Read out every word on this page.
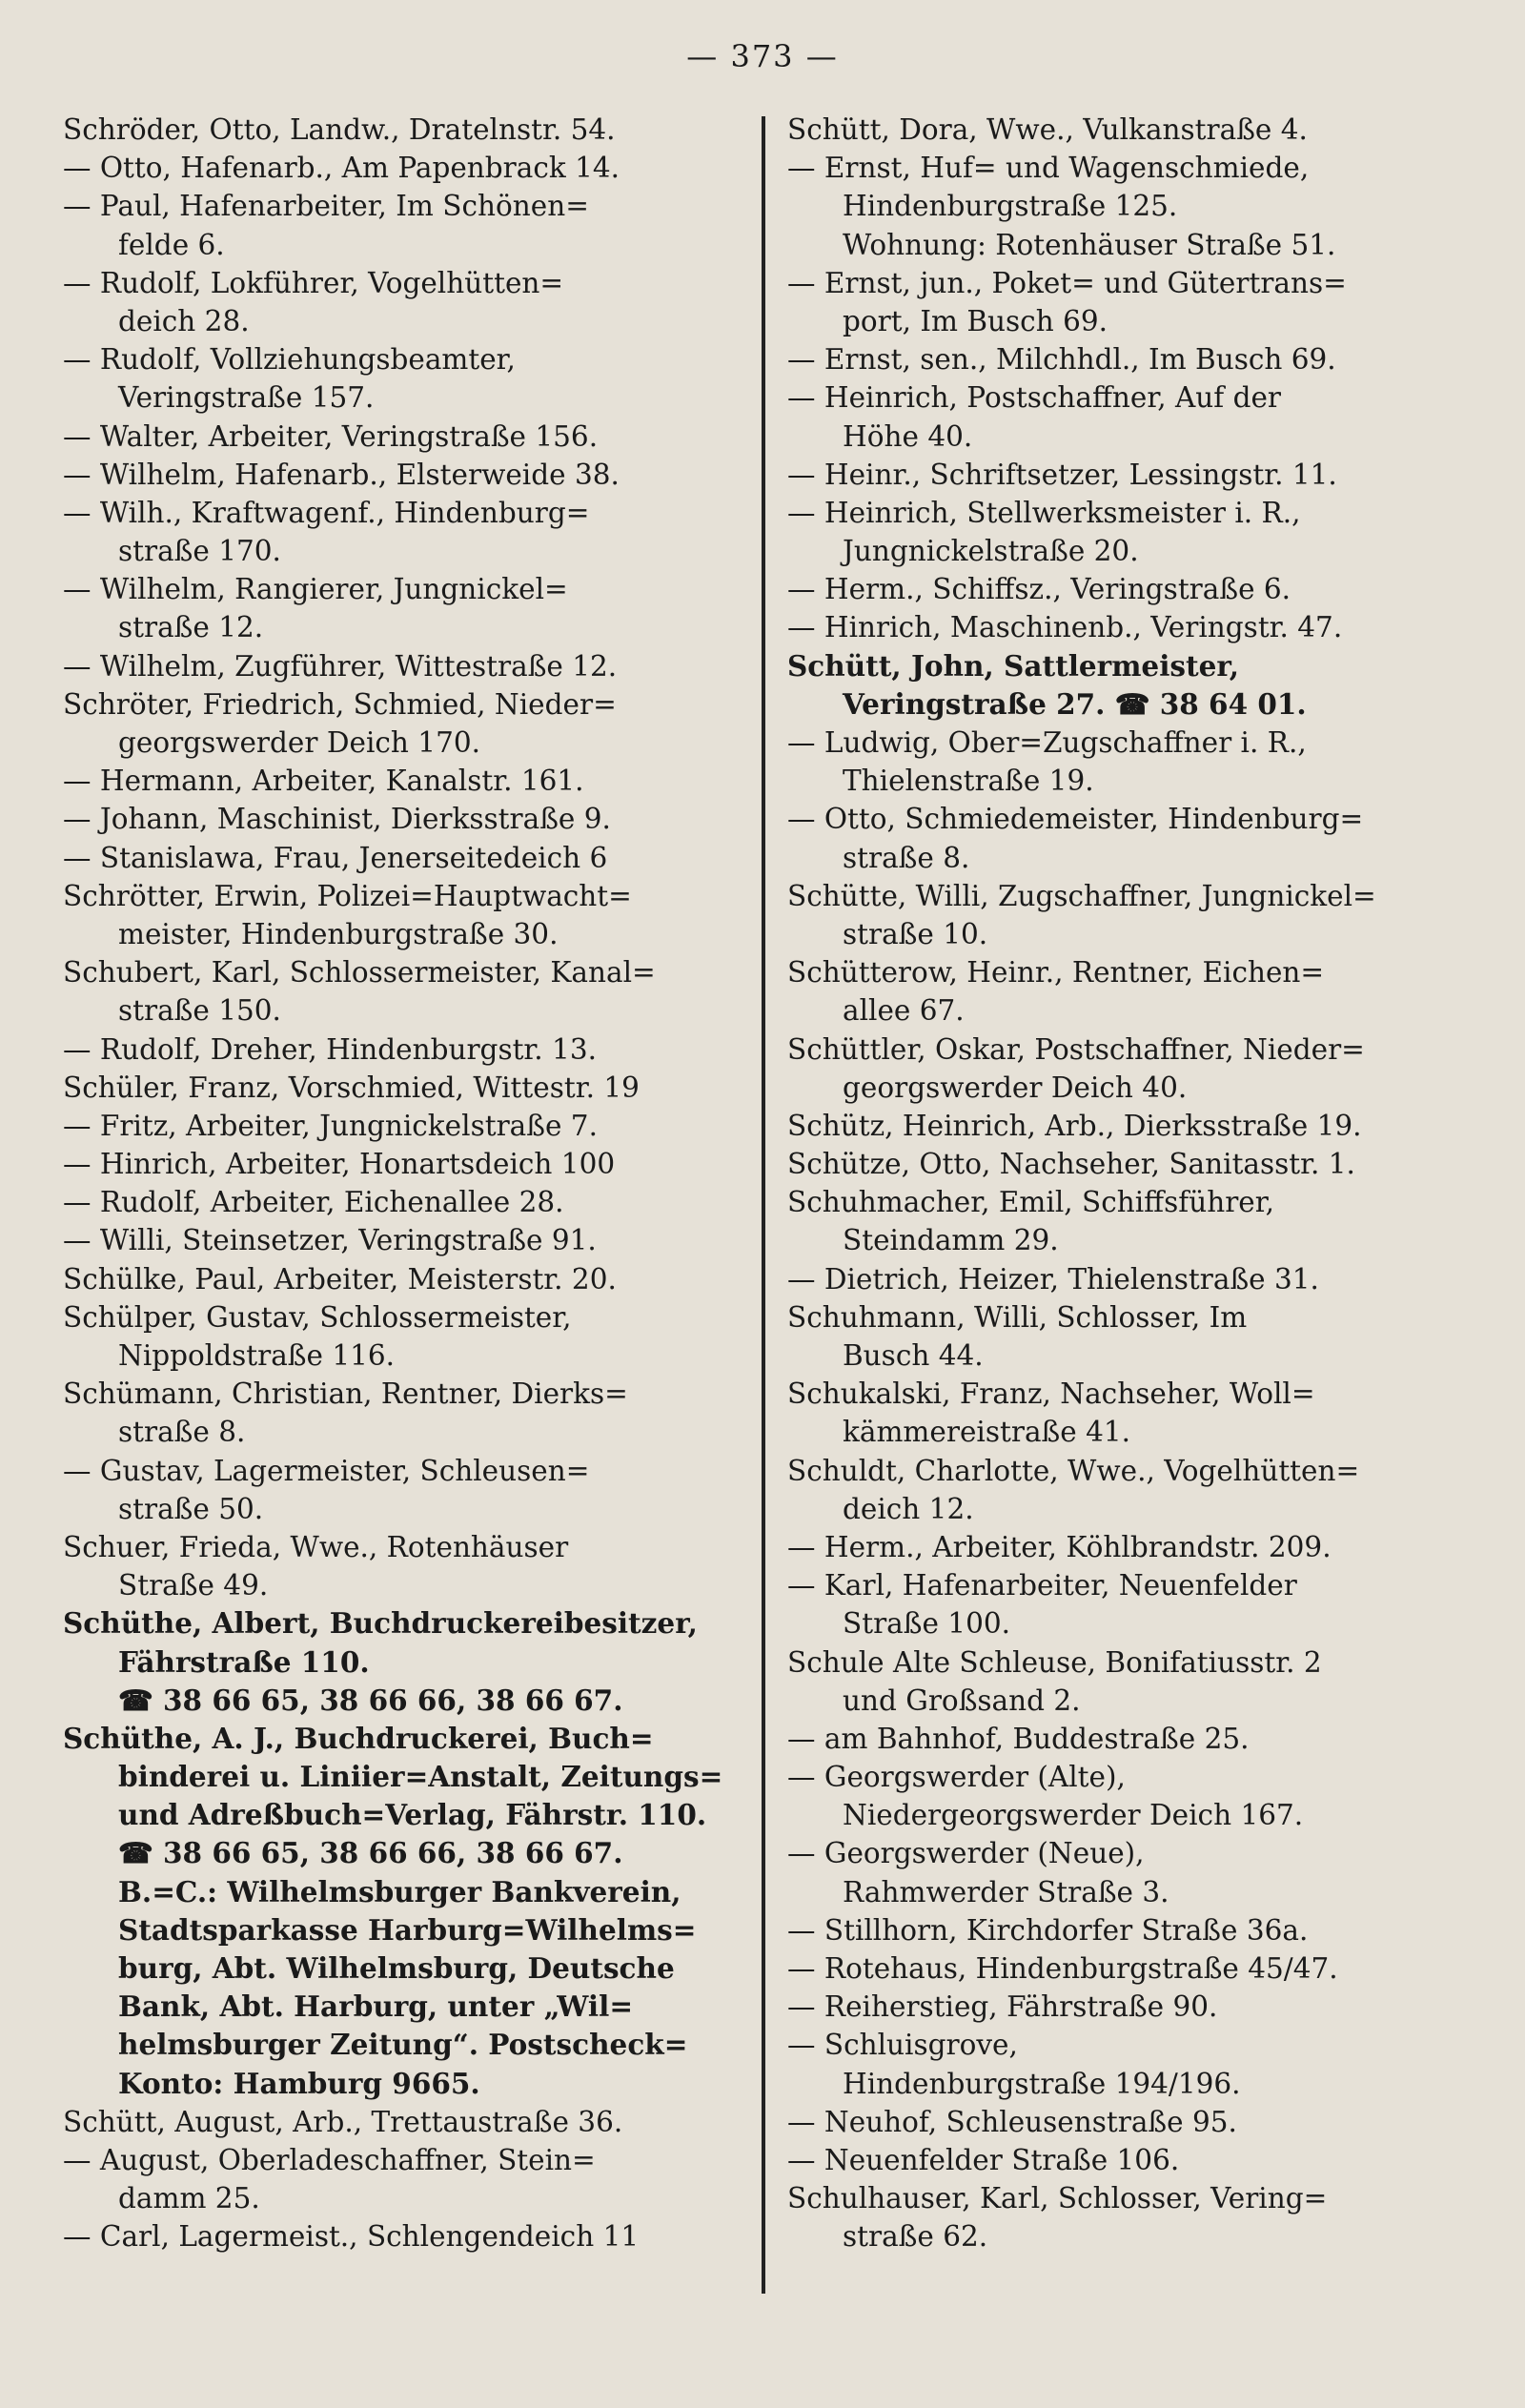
— 373 —
Schröder, Otto, Landw., Dratelnstr. 54.
— Otto, Hafenarb., Am Papenbrack 14.
— Paul, Hafenarbeiter, Im Schönen=
felde 6.
— Rudolf, Lokführer, Vogelhütten=
deich 28.
— Rudolf, Vollziehungsbeamter,
Veringstraße 157.
— Walter, Arbeiter, Veringstraße 156.
— Wilhelm, Hafenarb., Elsterweide 38.
— Wilh., Kraftwagenf., Hindenburg=
straße 170.
— Wilhelm, Rangierer, Jungnickel=
straße 12.
— Wilhelm, Zugführer, Wittestraße 12.
Schröter, Friedrich, Schmied, Nieder=
georgswerder Deich 170.
— Hermann, Arbeiter, Kanalstr. 161.
— Johann, Maschinist, Dierksstraße 9.
— Stanislawa, Frau, Jenerseitedeich 6
Schrötter, Erwin, Polizei=Hauptwacht=
meister, Hindenburgstraße 30.
Schubert, Karl, Schlossermeister, Kanal=
straße 150.
— Rudolf, Dreher, Hindenburgstr. 13.
Schüler, Franz, Vorschmied, Wittestr. 19
— Fritz, Arbeiter, Jungnickelstraße 7.
— Hinrich, Arbeiter, Honartsdeich 100
— Rudolf, Arbeiter, Eichenallee 28.
— Willi, Steinsetzer, Veringstraße 91.
Schülke, Paul, Arbeiter, Meisterstr. 20.
Schülper, Gustav, Schlossermeister,
Nippoldstraße 116.
Schümann, Christian, Rentner, Dierks=
straße 8.
— Gustav, Lagermeister, Schleusen=
straße 50.
Schuer, Frieda, Wwe., Rotenhäuser
Straße 49.
Schüthe, Albert, Buchdruckereibesitzer,
Fährstraße 110.
☎ 38 66 65, 38 66 66, 38 66 67.
Schüthe, A. J., Buchdruckerei, Buch=
binderei u. Liniier=Anstalt, Zeitungs=
und Adreßbuch=Verlag, Fährstr. 110.
☎ 38 66 65, 38 66 66, 38 66 67.
B.=C.: Wilhelmsburger Bankverein,
Stadtsparkasse Harburg=Wilhelms=
burg, Abt. Wilhelmsburg, Deutsche
Bank, Abt. Harburg, unter „Wil=
helmsburger Zeitung“. Postscheck=
Konto: Hamburg 9665.
Schütt, August, Arb., Trettaustraße 36.
— August, Oberladeschaffner, Stein=
damm 25.
— Carl, Lagermeist., Schlengendeich 11
Schütt, Dora, Wwe., Vulkanstraße 4.
— Ernst, Huf= und Wagenschmiede,
Hindenburgstraße 125.
Wohnung: Rotenhäuser Straße 51.
— Ernst, jun., Poket= und Gütertrans=
port, Im Busch 69.
— Ernst, sen., Milchhdl., Im Busch 69.
— Heinrich, Postschaffner, Auf der
Höhe 40.
— Heinr., Schriftsetzer, Lessingstr. 11.
— Heinrich, Stellwerksmeister i. R.,
Jungnickelstraße 20.
— Herm., Schiffsz., Veringstraße 6.
— Hinrich, Maschinenb., Veringstr. 47.
Schütt, John, Sattlermeister,
Veringstraße 27. ☎ 38 64 01.
— Ludwig, Ober=Zugschaffner i. R.,
Thielenstraße 19.
— Otto, Schmiedemeister, Hindenburg=
straße 8.
Schütte, Willi, Zugschaffner, Jungnickel=
straße 10.
Schütterow, Heinr., Rentner, Eichen=
allee 67.
Schüttler, Oskar, Postschaffner, Nieder=
georgswerder Deich 40.
Schütz, Heinrich, Arb., Dierksstraße 19.
Schütze, Otto, Nachseher, Sanitasstr. 1.
Schuhmacher, Emil, Schiffsführer,
Steindamm 29.
— Dietrich, Heizer, Thielenstraße 31.
Schuhmann, Willi, Schlosser, Im
Busch 44.
Schukalski, Franz, Nachseher, Woll=
kämmereistraße 41.
Schuldt, Charlotte, Wwe., Vogelhütten=
deich 12.
— Herm., Arbeiter, Köhlbrandstr. 209.
— Karl, Hafenarbeiter, Neuenfelder
Straße 100.
Schule Alte Schleuse, Bonifatiusstr. 2
und Großsand 2.
— am Bahnhof, Buddestraße 25.
— Georgswerder (Alte),
Niedergeorgswerder Deich 167.
— Georgswerder (Neue),
Rahmwerder Straße 3.
— Stillhorn, Kirchdorfer Straße 36a.
— Rotehaus, Hindenburgstraße 45/47.
— Reiherstieg, Fährstraße 90.
— Schluisgrove,
Hindenburgstraße 194/196.
— Neuhof, Schleusenstraße 95.
— Neuenfelder Straße 106.
Schulhauser, Karl, Schlosser, Vering=
straße 62.
